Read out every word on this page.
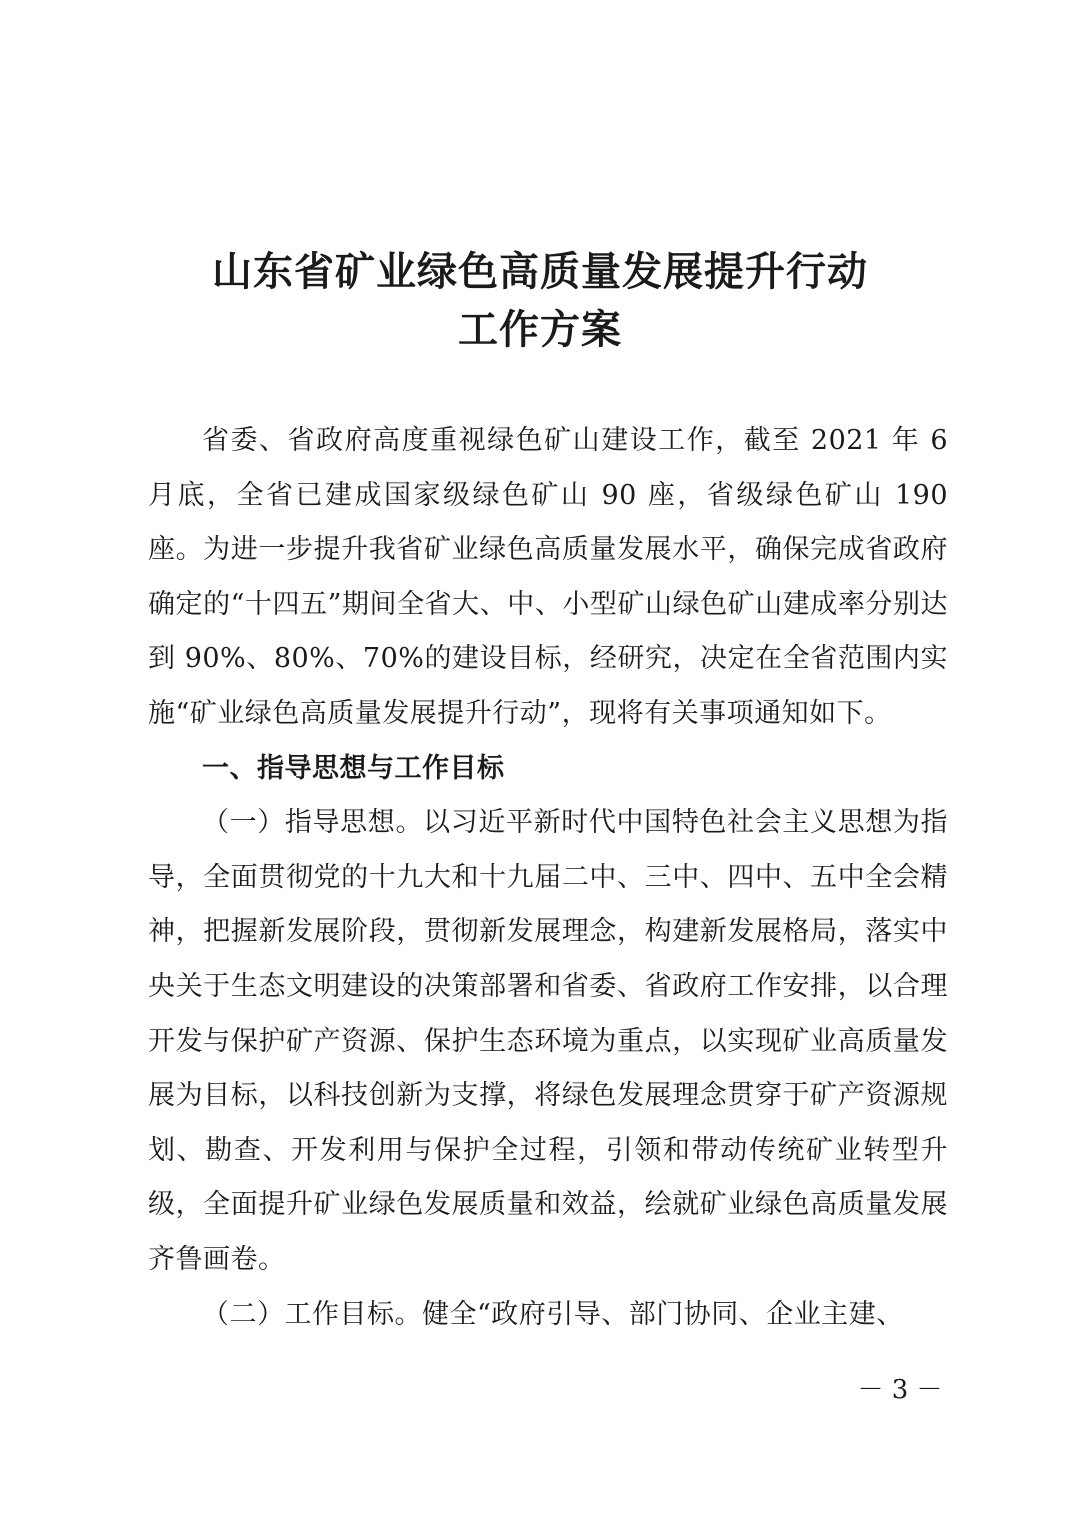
山东省矿业绿色高质量发展提升行动
工作方案

省委、省政府高度重视绿色矿山建设工作，截至 2021 年 6 月底，全省已建成国家级绿色矿山 90 座，省级绿色矿山 190 座。为进一步提升我省矿业绿色高质量发展水平，确保完成省政府确定的“十四五”期间全省大、中、小型矿山绿色矿山建成率分别达到 90%、80%、70%的建设目标，经研究，决定在全省范围内实施“矿业绿色高质量发展提升行动”，现将有关事项通知如下。

一、指导思想与工作目标

（一）指导思想。以习近平新时代中国特色社会主义思想为指导，全面贯彻党的十九大和十九届二中、三中、四中、五中全会精神，把握新发展阶段，贯彻新发展理念，构建新发展格局，落实中央关于生态文明建设的决策部署和省委、省政府工作安排，以合理开发与保护矿产资源、保护生态环境为重点，以实现矿业高质量发展为目标，以科技创新为支撑，将绿色发展理念贯穿于矿产资源规划、勘查、开发利用与保护全过程，引领和带动传统矿业转型升级，全面提升矿业绿色发展质量和效益，绘就矿业绿色高质量发展齐鲁画卷。

（二）工作目标。健全“政府引导、部门协同、企业主建、

－ 3 －
